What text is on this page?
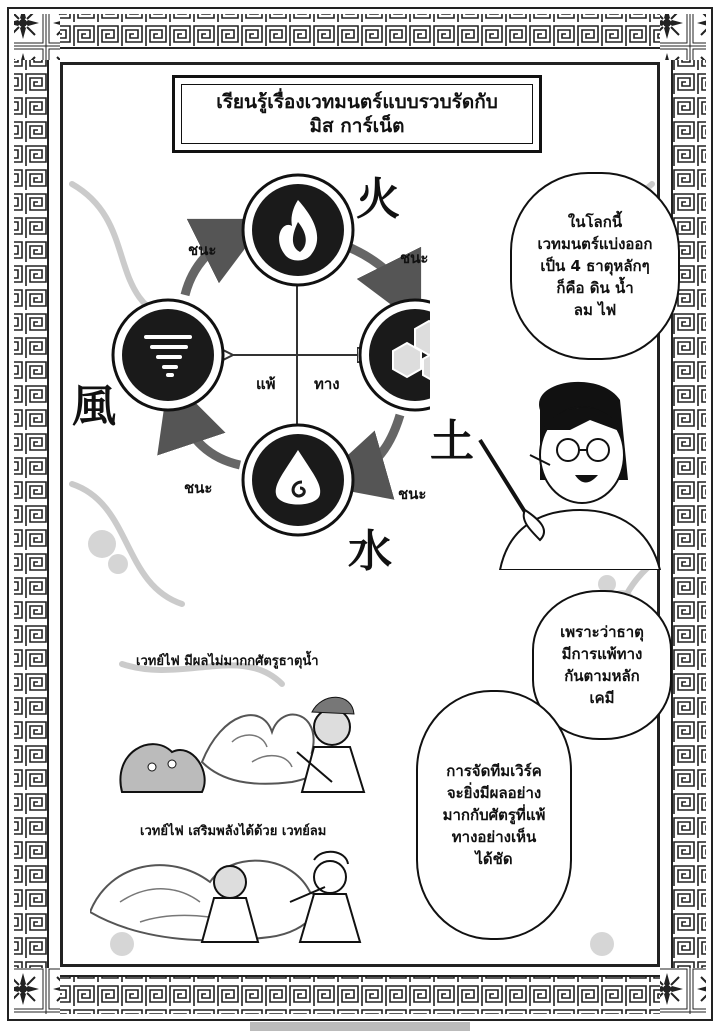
เรียนรู้เรื่องเวทมนตร์แบบรวบรัดกับ
มิส การ์เน็ต
火
土
水
風
ชนะ	ชนะ
ชนะ
ชนะ
แพ้	ทาง
ในโลกนี้
เวทมนตร์แบ่งออก
เป็น 4 ธาตุหลักๆ
ก็คือ ดิน น้ำ
ลม ไฟ
เพราะว่าธาตุ
มีการแพ้ทาง
กันตามหลัก
เคมี
การจัดทีมเวิร์ค
จะยิ่งมีผลอย่าง
มากกับศัตรูที่แพ้
ทางอย่างเห็น
ได้ชัด
เวทย์ไฟ มีผลไม่มากกศัตรูธาตุน้ำ
เวทย์ไฟ เสริมพลังได้ด้วย เวทย์ลม
